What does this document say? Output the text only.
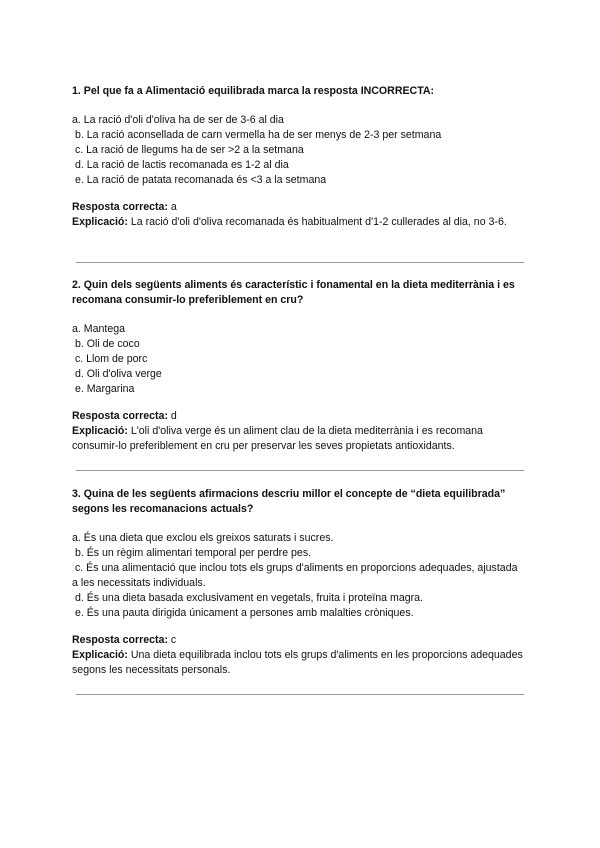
1. Pel que fa a Alimentació equilibrada marca la resposta INCORRECTA:

a. La ració d'oli d'oliva ha de ser de 3-6 al dia
b. La ració aconsellada de carn vermella ha de ser menys de 2-3 per setmana
c. La ració de llegums ha de ser >2 a la setmana
d. La ració de lactis recomanada es 1-2 al dia
e. La ració de patata recomanada és <3 a la setmana
Resposta correcta: a
Explicació: La ració d'oli d'oliva recomanada és habitualment d'1-2 cullerades al dia, no 3-6.

2. Quin dels següents aliments és característic i fonamental en la dieta mediterrània i es recomana consumir-lo preferiblement en cru?

a. Mantega
b. Oli de coco
c. Llom de porc
d. Oli d'oliva verge
e. Margarina
Resposta correcta: d
Explicació: L'oli d'oliva verge és un aliment clau de la dieta mediterrània i es recomana consumir-lo preferiblement en cru per preservar les seves propietats antioxidants.

3. Quina de les següents afirmacions descriu millor el concepte de “dieta equilibrada” segons les recomanacions actuals?

a. És una dieta que exclou els greixos saturats i sucres.
b. És un règim alimentari temporal per perdre pes.
c. És una alimentació que inclou tots els grups d'aliments en proporcions adequades, ajustada a les necessitats individuals.
d. És una dieta basada exclusivament en vegetals, fruita i proteïna magra.
e. És una pauta dirigida únicament a persones amb malalties cròniques.
Resposta correcta: c
Explicació: Una dieta equilibrada inclou tots els grups d'aliments en les proporcions adequades segons les necessitats personals.
